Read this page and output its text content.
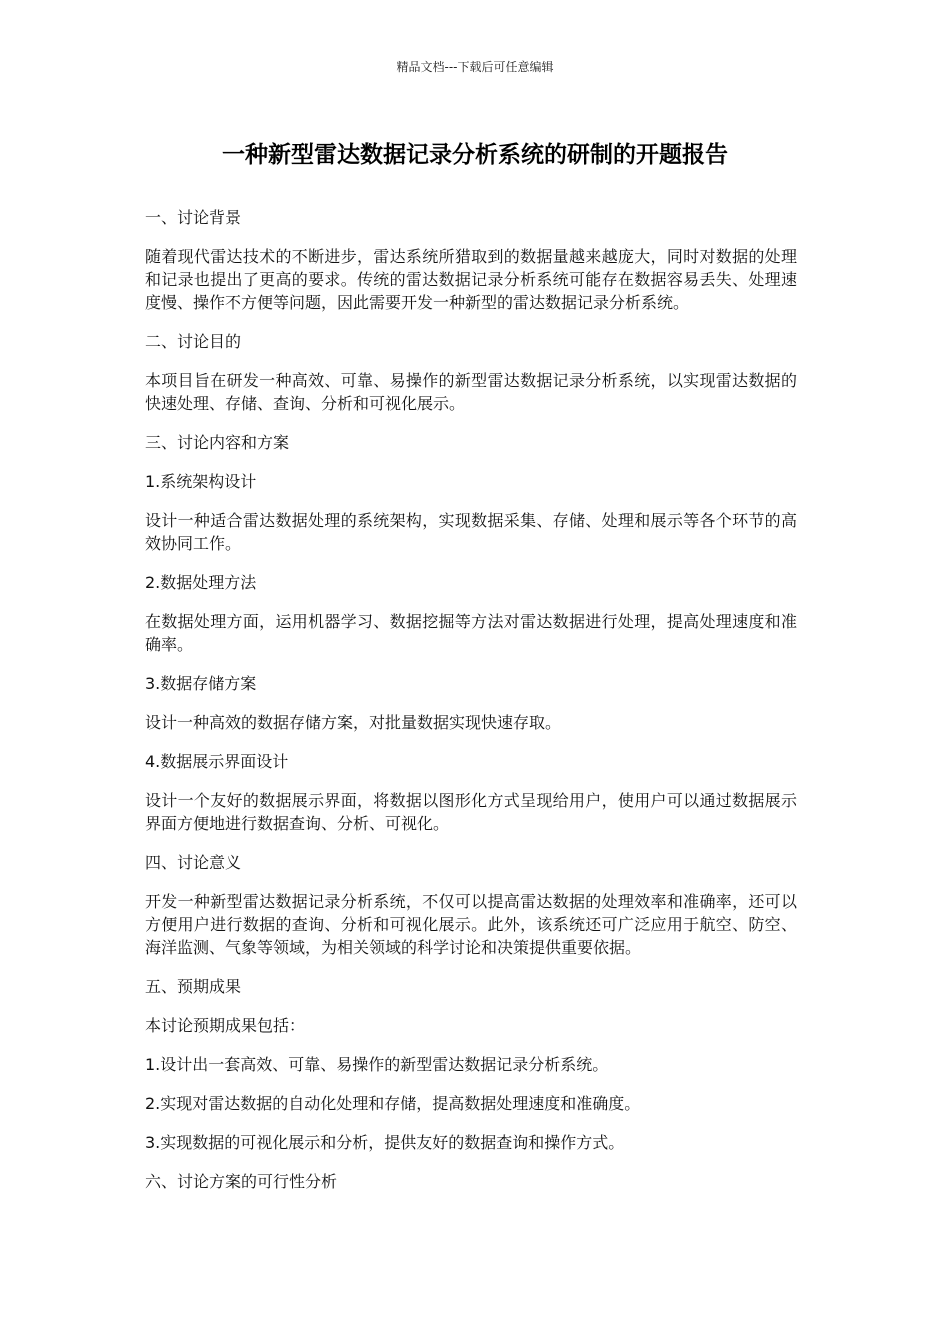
精品文档---下载后可任意编辑
一种新型雷达数据记录分析系统的研制的开题报告

一、讨论背景

随着现代雷达技术的不断进步，雷达系统所猎取到的数据量越来越庞大，同时对数据的处理和记录也提出了更高的要求。传统的雷达数据记录分析系统可能存在数据容易丢失、处理速度慢、操作不方便等问题，因此需要开发一种新型的雷达数据记录分析系统。

二、讨论目的

本项目旨在研发一种高效、可靠、易操作的新型雷达数据记录分析系统，以实现雷达数据的快速处理、存储、查询、分析和可视化展示。

三、讨论内容和方案

1.系统架构设计

设计一种适合雷达数据处理的系统架构，实现数据采集、存储、处理和展示等各个环节的高效协同工作。

2.数据处理方法

在数据处理方面，运用机器学习、数据挖掘等方法对雷达数据进行处理，提高处理速度和准确率。

3.数据存储方案

设计一种高效的数据存储方案，对批量数据实现快速存取。

4.数据展示界面设计

设计一个友好的数据展示界面，将数据以图形化方式呈现给用户，使用户可以通过数据展示界面方便地进行数据查询、分析、可视化。

四、讨论意义

开发一种新型雷达数据记录分析系统，不仅可以提高雷达数据的处理效率和准确率，还可以方便用户进行数据的查询、分析和可视化展示。此外，该系统还可广泛应用于航空、防空、海洋监测、气象等领域，为相关领域的科学讨论和决策提供重要依据。

五、预期成果

本讨论预期成果包括：

1.设计出一套高效、可靠、易操作的新型雷达数据记录分析系统。

2.实现对雷达数据的自动化处理和存储，提高数据处理速度和准确度。

3.实现数据的可视化展示和分析，提供友好的数据查询和操作方式。

六、讨论方案的可行性分析
